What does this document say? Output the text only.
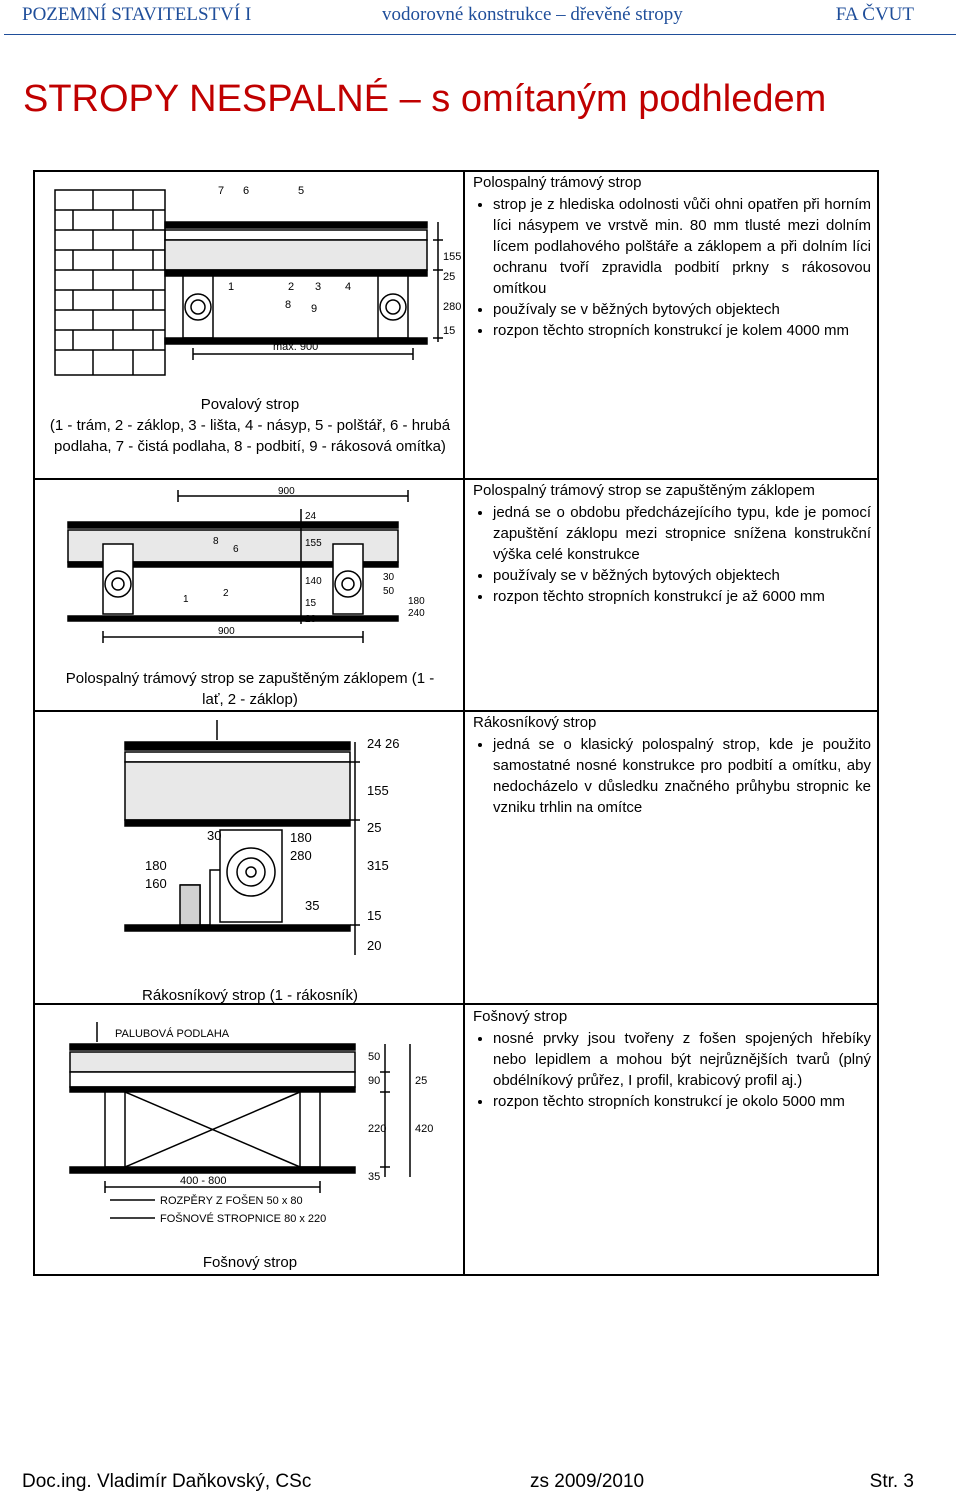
POZEMNÍ STAVITELSTVÍ I	vodorovné konstrukce – dřevěné stropy	FA ČVUT
STROPY NESPALNÉ – s omítaným podhledem
7 6	5
1	2 3 4
8 9
max. 900
155
25
280
15
Povalový strop
(1 - trám, 2 - záklop, 3 - lišta, 4 - násyp, 5 - polštář, 6 - hrubá podlaha, 7 - čistá podlaha, 8 - podbití, 9 - rákosová omítka)
Polospalný trámový strop
• strop je z hlediska odolnosti vůči ohni opatřen při horním líci násypem ve vrstvě min. 80 mm tlusté mezi dolním lícem podlahového polštáře a záklopem a při dolním líci ochranu tvoří zpravidla podbití prkny s rákosovou omítkou
• používaly se v běžných bytových objektech
• rozpon těchto stropních konstrukcí je kolem 4000 mm
900
900
8
6
1
2
24
155
140
15
20
30
50
180
240
Polospalný trámový strop se zapuštěným záklopem (1 - lať, 2 - záklop)
Polospalný trámový strop se zapuštěným záklopem
• jedná se o obdobu předcházejícího typu, kde je pomocí zapuštění záklopu mezi stropnice snížena konstrukční výška celé konstrukce
• používaly se v běžných bytových objektech
• rozpon těchto stropních konstrukcí je až 6000 mm
24 26
155
25
30	180
280
180
160
315
35
15
20
Rákosníkový strop (1 - rákosník)
Rákosníkový strop
• jedná se o klasický polospalný strop, kde je použito samostatné nosné konstrukce pro podbití a omítku, aby nedocházelo v důsledku značného průhybu stropnic ke vzniku trhlin na omítce
PALUBOVÁ PODLAHA
400 - 800
ROZPĚRY Z FOŠEN 50 x 80
FOŠNOVÉ STROPNICE 80 x 220
50
90	25
220	420
35
Fošnový strop
Fošnový strop
• nosné prvky jsou tvořeny z fošen spojených hřebíky nebo lepidlem a mohou být nejrůznějších tvarů (plný obdélníkový průřez, I profil, krabicový profil aj.)
• rozpon těchto stropních konstrukcí je okolo 5000 mm
Doc.ing. Vladimír Daňkovský, CSc	zs 2009/2010	Str. 3
